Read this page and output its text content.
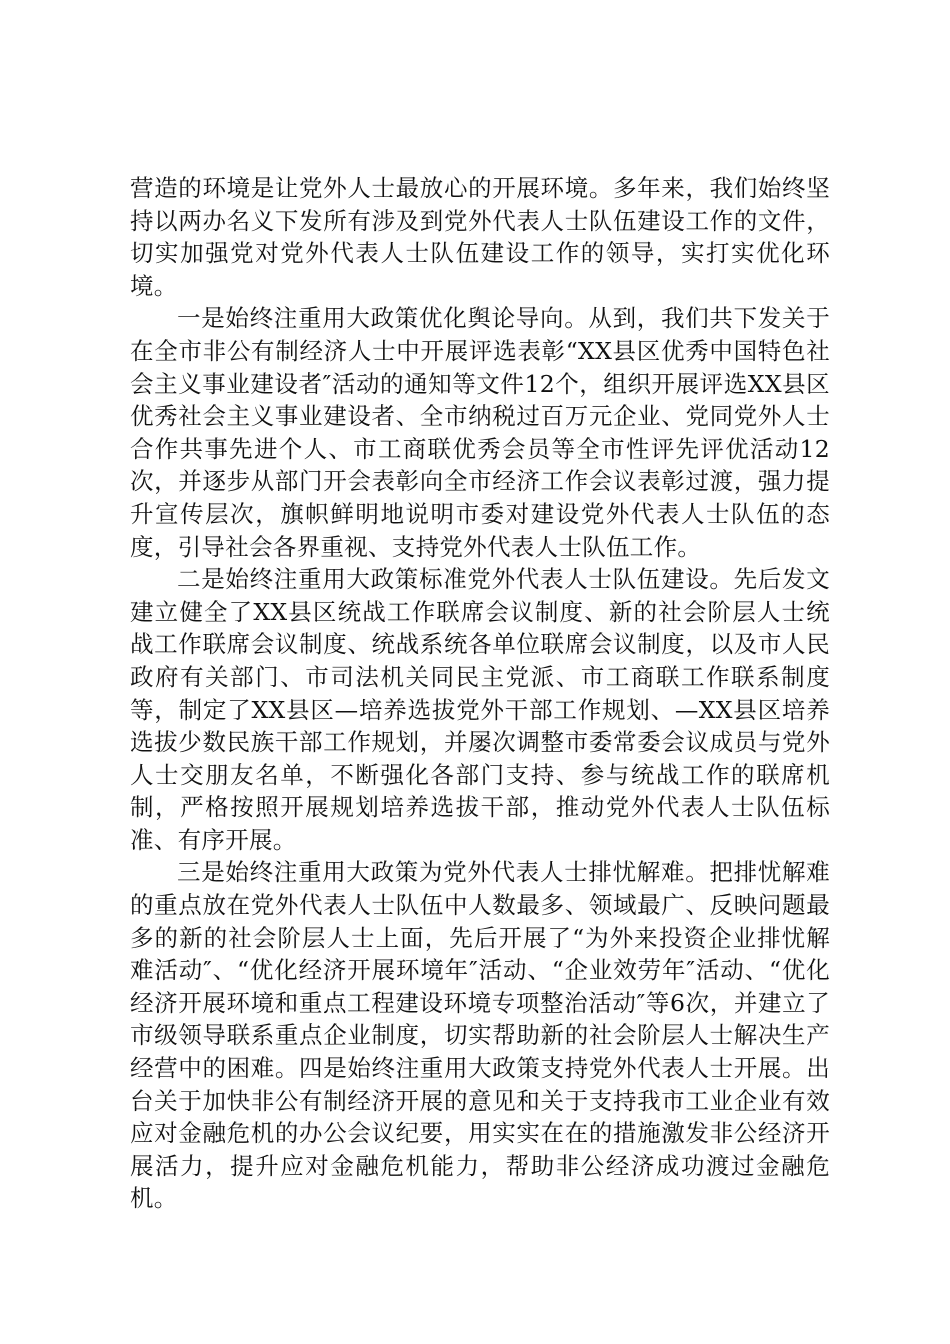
营造的环境是让党外人士最放心的开展环境。多年来，我们始终坚持以两办名义下发所有涉及到党外代表人士队伍建设工作的文件，切实加强党对党外代表人士队伍建设工作的领导，实打实优化环境。

一是始终注重用大政策优化舆论导向。从到，我们共下发关于在全市非公有制经济人士中开展评选表彰“XX县区优秀中国特色社会主义事业建设者″活动的通知等文件12个，组织开展评选XX县区优秀社会主义事业建设者、全市纳税过百万元企业、党同党外人士合作共事先进个人、市工商联优秀会员等全市性评先评优活动12次，并逐步从部门开会表彰向全市经济工作会议表彰过渡，强力提升宣传层次，旗帜鲜明地说明市委对建设党外代表人士队伍的态度，引导社会各界重视、支持党外代表人士队伍工作。

二是始终注重用大政策标准党外代表人士队伍建设。先后发文建立健全了XX县区统战工作联席会议制度、新的社会阶层人士统战工作联席会议制度、统战系统各单位联席会议制度，以及市人民政府有关部门、市司法机关同民主党派、市工商联工作联系制度等，制定了XX县区—培养选拔党外干部工作规划、—XX县区培养选拔少数民族干部工作规划，并屡次调整市委常委会议成员与党外人士交朋友名单，不断强化各部门支持、参与统战工作的联席机制，严格按照开展规划培养选拔干部，推动党外代表人士队伍标准、有序开展。

三是始终注重用大政策为党外代表人士排忧解难。把排忧解难的重点放在党外代表人士队伍中人数最多、领域最广、反映问题最多的新的社会阶层人士上面，先后开展了“为外来投资企业排忧解难活动″、“优化经济开展环境年″活动、“企业效劳年″活动、“优化经济开展环境和重点工程建设环境专项整治活动″等6次，并建立了市级领导联系重点企业制度，切实帮助新的社会阶层人士解决生产经营中的困难。四是始终注重用大政策支持党外代表人士开展。出台关于加快非公有制经济开展的意见和关于支持我市工业企业有效应对金融危机的办公会议纪要，用实实在在的措施激发非公经济开展活力，提升应对金融危机能力，帮助非公经济成功渡过金融危机。
